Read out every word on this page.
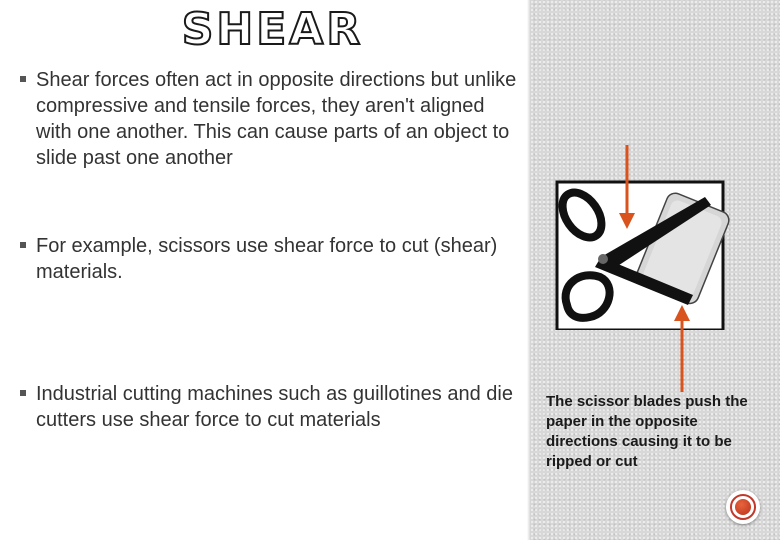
SHEAR
Shear forces often act in opposite directions but unlike compressive and tensile forces, they aren't aligned with one another. This can cause parts of an object to slide past one another
For example, scissors use shear force to cut (shear) materials.
Industrial cutting machines such as guillotines and die cutters use shear force to cut materials
The scissor blades push the paper in the opposite directions causing it to be ripped or cut
